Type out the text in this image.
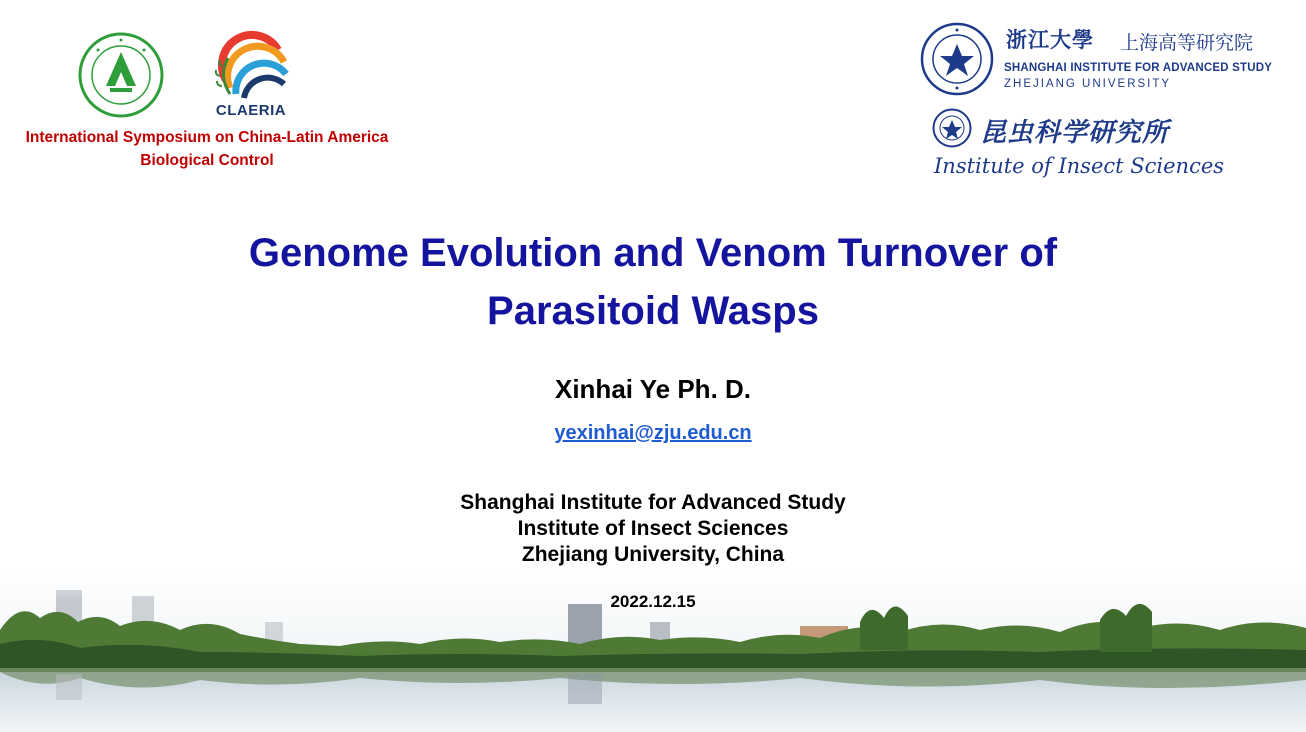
CLAERIA
International Symposium on China-Latin America
Biological Control
浙江大學 上海高等研究院
SHANGHAI INSTITUTE FOR ADVANCED STUDY
ZHEJIANG UNIVERSITY
昆虫科学研究所
Institute of Insect Sciences
Genome Evolution and Venom Turnover of
Parasitoid Wasps
Xinhai Ye Ph. D.
yexinhai@zju.edu.cn
Shanghai Institute for Advanced Study
Institute of Insect Sciences
Zhejiang University, China
2022.12.15
